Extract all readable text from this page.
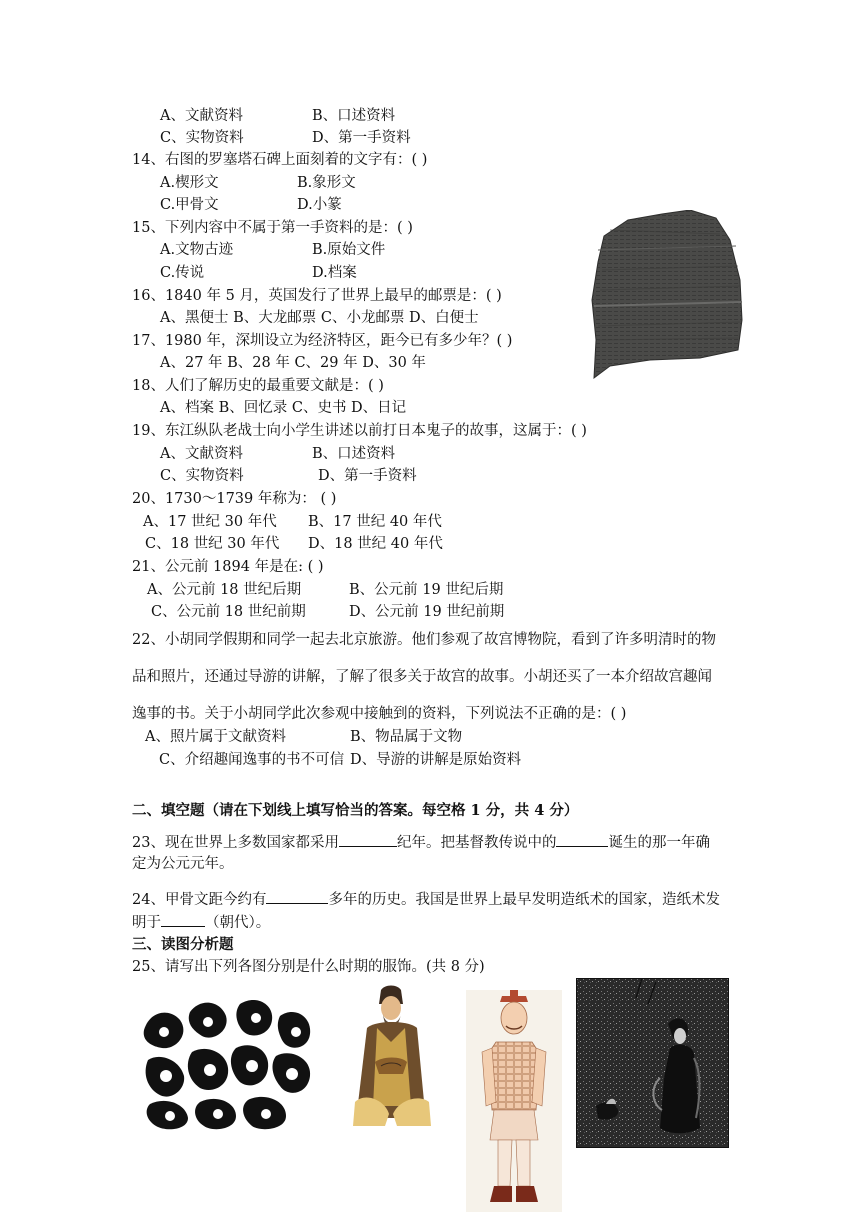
A、文献资料	B、口述资料
C、实物资料	D、第一手资料
14、右图的罗塞塔石碑上面刻着的文字有：( )
A.楔形文	B.象形文
C.甲骨文	D.小篆
15、下列内容中不属于第一手资料的是：( )
A.文物古迹	B.原始文件
C.传说	D.档案
16、1840 年 5 月，英国发行了世界上最早的邮票是：( )
A、黑便士 B、大龙邮票 C、小龙邮票 D、白便士
17、1980 年，深圳设立为经济特区，距今已有多少年？( )
A、27 年 B、28 年 C、29 年 D、30 年
18、人们了解历史的最重要文献是：( )
A、档案 B、回忆录 C、史书 D、日记
19、东江纵队老战士向小学生讲述以前打日本鬼子的故事，这属于：( )
A、文献资料	B、口述资料
C、实物资料	D、第一手资料
20、1730～1739 年称为： ( )
A、17 世纪 30 年代 B、17 世纪 40 年代
C、18 世纪 30 年代 D、18 世纪 40 年代
21、公元前 1894 年是在: ( )
A、公元前 18 世纪后期	B、公元前 19 世纪后期
C、公元前 18 世纪前期	D、公元前 19 世纪前期
22、小胡同学假期和同学一起去北京旅游。他们参观了故宫博物院，看到了许多明清时的物
品和照片，还通过导游的讲解，了解了很多关于故宫的故事。小胡还买了一本介绍故宫趣闻
逸事的书。关于小胡同学此次参观中接触到的资料，下列说法不正确的是：( )
A、照片属于文献资料	B、物品属于文物
C、介绍趣闻逸事的书不可信 D、导游的讲解是原始资料
二、填空题（请在下划线上填写恰当的答案。每空格 1 分，共 4 分）
23、现在世界上多数国家都采用	纪年。把基督教传说中的	诞生的那一年确
定为公元元年。
24、甲骨文距今约有	多年的历史。我国是世界上最早发明造纸术的国家，造纸术发
明于	（朝代）。
三、读图分析题
25、请写出下列各图分别是什么时期的服饰。(共 8 分)
